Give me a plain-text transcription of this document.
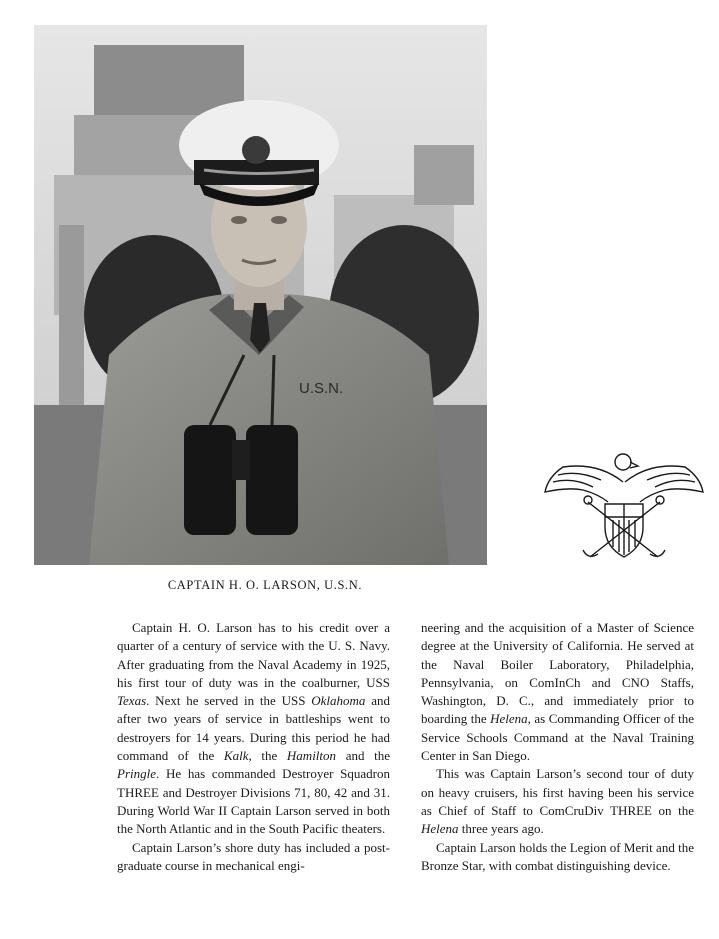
U.S.N.
CAPTAIN H. O. LARSON, U.S.N.

Captain H. O. Larson has to his credit over a quarter of a century of service with the U. S. Navy. After graduating from the Naval Academy in 1925, his first tour of duty was in the coalburner, USS Texas. Next he served in the USS Oklahoma and after two years of service in battleships went to destroyers for 14 years. During this period he had command of the Kalk, the Hamilton and the Pringle. He has commanded Destroyer Squadron THREE and Destroyer Divisions 71, 80, 42 and 31. During World War II Captain Larson served in both the North Atlantic and in the South Pacific theaters.

Captain Larson’s shore duty has included a post-graduate course in mechanical engi-

neering and the acquisition of a Master of Science degree at the University of California. He served at the Naval Boiler Laboratory, Philadelphia, Pennsylvania, on ComInCh and CNO Staffs, Washington, D. C., and immediately prior to boarding the Helena, as Commanding Officer of the Service Schools Command at the Naval Training Center in San Diego.

This was Captain Larson’s second tour of duty on heavy cruisers, his first having been his service as Chief of Staff to ComCruDiv THREE on the Helena three years ago.

Captain Larson holds the Legion of Merit and the Bronze Star, with combat distinguishing device.
